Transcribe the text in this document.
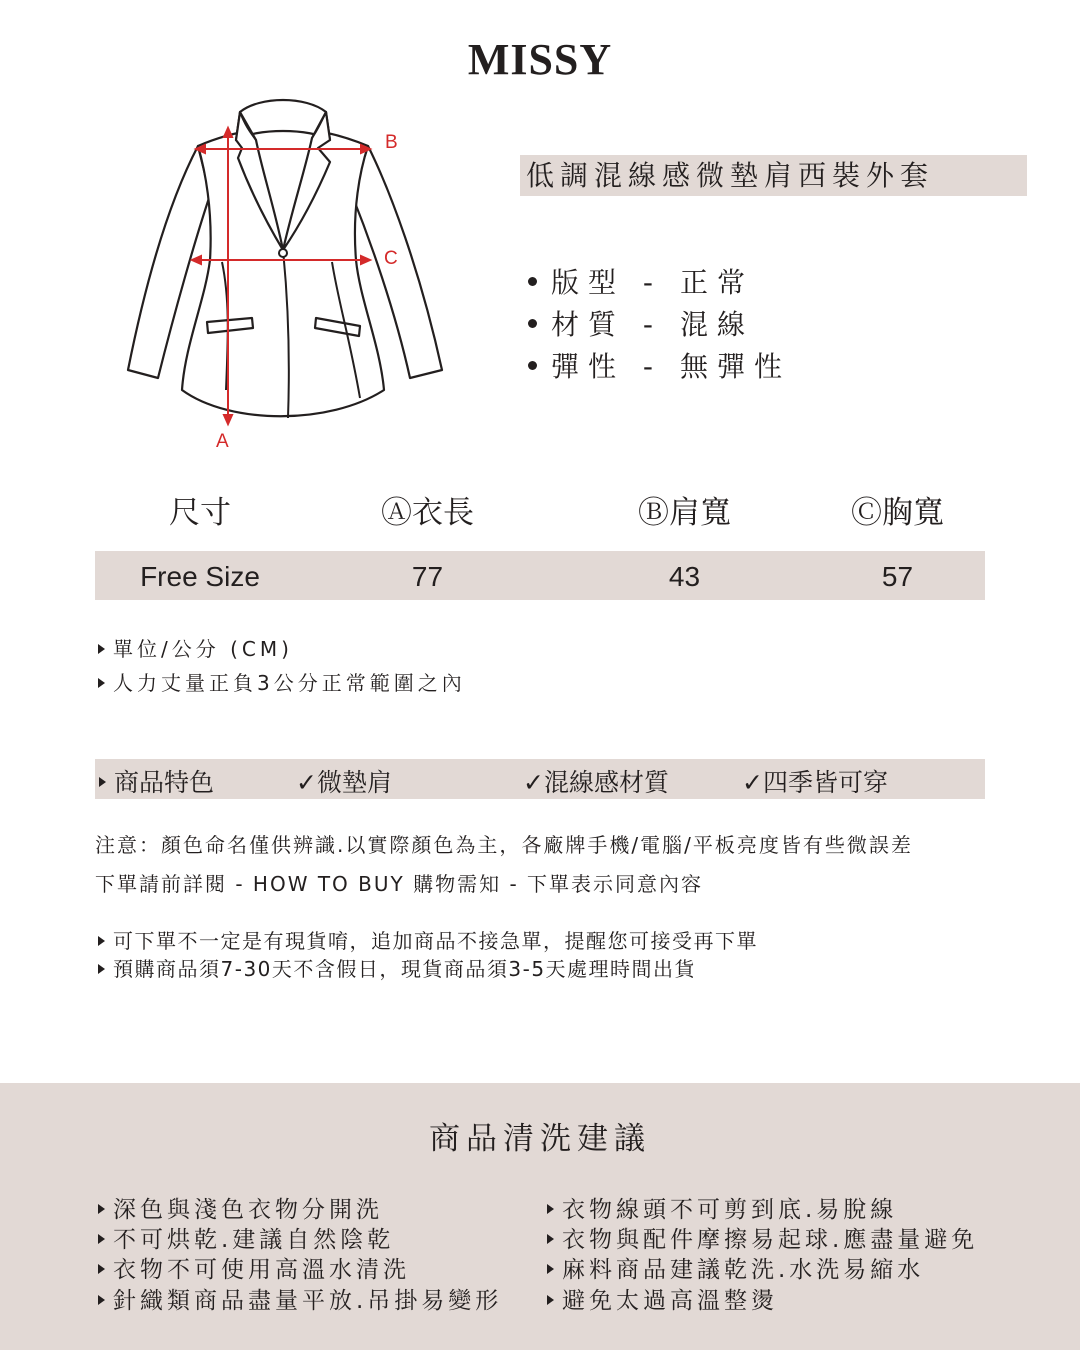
MISSY
B
C
A
低調混線感微墊肩西裝外套
版型 - 正常
材質 - 混線
彈性 - 無彈性
尺寸	Ⓐ衣長	Ⓑ肩寬	Ⓒ胸寬
Free Size	77	43	57
單位/公分 (CM)
人力丈量正負3公分正常範圍之內
商品特色	✓微墊肩	✓混線感材質	✓四季皆可穿
注意：顏色命名僅供辨識.以實際顏色為主，各廠牌手機/電腦/平板亮度皆有些微誤差
下單請前詳閱 - HOW TO BUY 購物需知 - 下單表示同意內容
可下單不一定是有現貨唷，追加商品不接急單，提醒您可接受再下單
預購商品須7-30天不含假日，現貨商品須3-5天處理時間出貨
商品清洗建議
深色與淺色衣物分開洗
不可烘乾.建議自然陰乾
衣物不可使用高溫水清洗
針織類商品盡量平放.吊掛易變形
衣物線頭不可剪到底.易脫線
衣物與配件摩擦易起球.應盡量避免
麻料商品建議乾洗.水洗易縮水
避免太過高溫整燙
